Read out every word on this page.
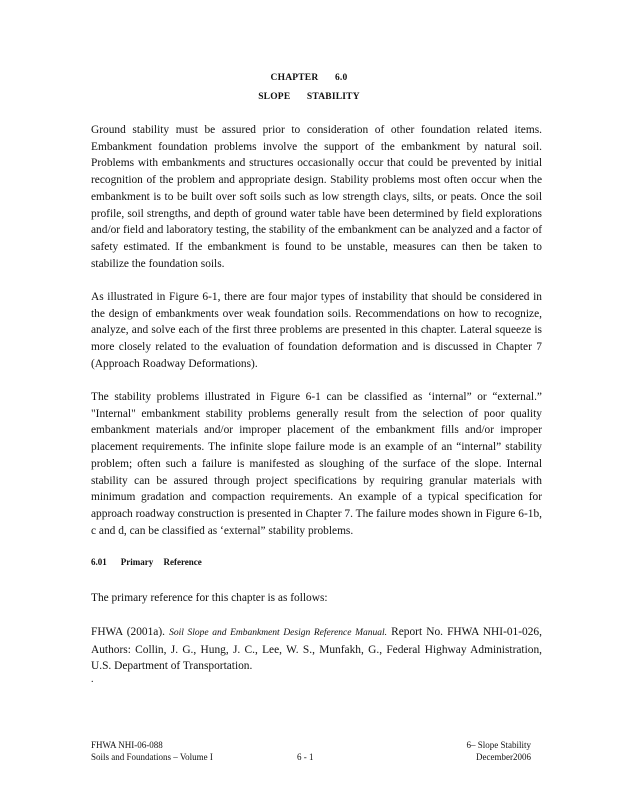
CHAPTER 6.0
SLOPE STABILITY

Ground stability must be assured prior to consideration of other foundation related items. Embankment foundation problems involve the support of the embankment by natural soil. Problems with embankments and structures occasionally occur that could be prevented by initial recognition of the problem and appropriate design. Stability problems most often occur when the embankment is to be built over soft soils such as low strength clays, silts, or peats. Once the soil profile, soil strengths, and depth of ground water table have been determined by field explorations and/or field and laboratory testing, the stability of the embankment can be analyzed and a factor of safety estimated. If the embankment is found to be unstable, measures can then be taken to stabilize the foundation soils.

As illustrated in Figure 6-1, there are four major types of instability that should be considered in the design of embankments over weak foundation soils. Recommendations on how to recognize, analyze, and solve each of the first three problems are presented in this chapter. Lateral squeeze is more closely related to the evaluation of foundation deformation and is discussed in Chapter 7 (Approach Roadway Deformations).

The stability problems illustrated in Figure 6-1 can be classified as ‘internal” or “external.” "Internal" embankment stability problems generally result from the selection of poor quality embankment materials and/or improper placement of the embankment fills and/or improper placement requirements. The infinite slope failure mode is an example of an “internal” stability problem; often such a failure is manifested as sloughing of the surface of the slope. Internal stability can be assured through project specifications by requiring granular materials with minimum gradation and compaction requirements. An example of a typical specification for approach roadway construction is presented in Chapter 7. The failure modes shown in Figure 6-1b, c and d, can be classified as ‘external” stability problems.

6.01 Primary Reference

The primary reference for this chapter is as follows:

FHWA (2001a). Soil Slope and Embankment Design Reference Manual. Report No. FHWA NHI-01-026, Authors: Collin, J. G., Hung, J. C., Lee, W. S., Munfakh, G., Federal Highway Administration, U.S. Department of Transportation.

.
FHWA NHI-06-088
Soils and Foundations – Volume I	6 - 1
6– Slope Stability
December2006
